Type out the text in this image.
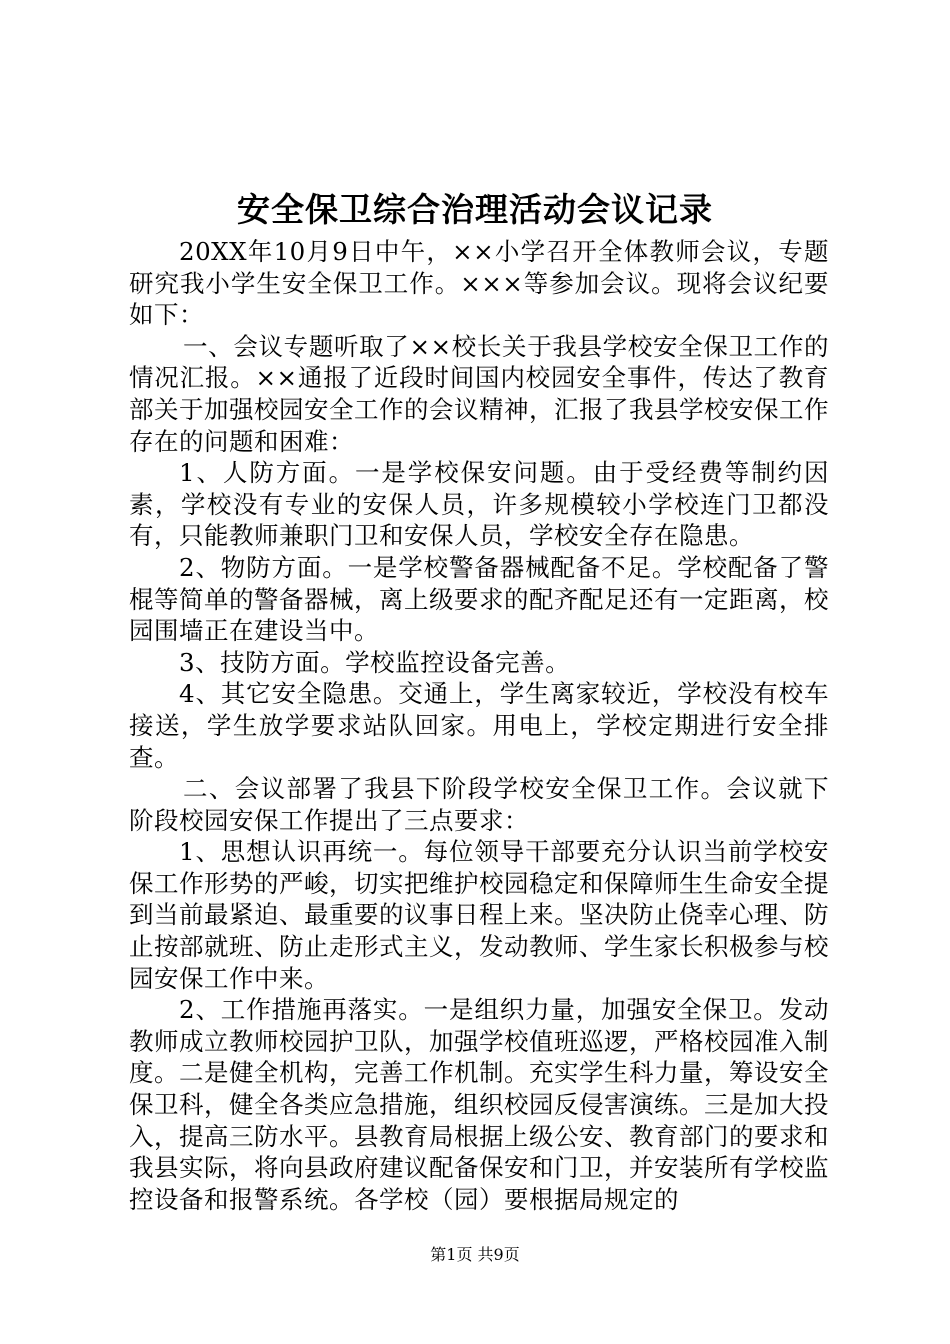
安全保卫综合治理活动会议记录

20XX年10月9日中午，××小学召开全体教师会议，专题研究我小学生安全保卫工作。×××等参加会议。现将会议纪要如下：

一、会议专题听取了××校长关于我县学校安全保卫工作的情况汇报。××通报了近段时间国内校园安全事件，传达了教育部关于加强校园安全工作的会议精神，汇报了我县学校安保工作存在的问题和困难：

1、人防方面。一是学校保安问题。由于受经费等制约因素，学校没有专业的安保人员，许多规模较小学校连门卫都没有，只能教师兼职门卫和安保人员，学校安全存在隐患。

2、物防方面。一是学校警备器械配备不足。学校配备了警棍等简单的警备器械，离上级要求的配齐配足还有一定距离，校园围墙正在建设当中。

3、技防方面。学校监控设备完善。

4、其它安全隐患。交通上，学生离家较近，学校没有校车接送，学生放学要求站队回家。用电上，学校定期进行安全排查。

二、会议部署了我县下阶段学校安全保卫工作。会议就下阶段校园安保工作提出了三点要求：

1、思想认识再统一。每位领导干部要充分认识当前学校安保工作形势的严峻，切实把维护校园稳定和保障师生生命安全提到当前最紧迫、最重要的议事日程上来。坚决防止侥幸心理、防止按部就班、防止走形式主义，发动教师、学生家长积极参与校园安保工作中来。

2、工作措施再落实。一是组织力量，加强安全保卫。发动教师成立教师校园护卫队，加强学校值班巡逻，严格校园准入制度。二是健全机构，完善工作机制。充实学生科力量，筹设安全保卫科，健全各类应急措施，组织校园反侵害演练。三是加大投入，提高三防水平。县教育局根据上级公安、教育部门的要求和我县实际，将向县政府建议配备保安和门卫，并安装所有学校监控设备和报警系统。各学校（园）要根据局规定的

第1页 共9页
